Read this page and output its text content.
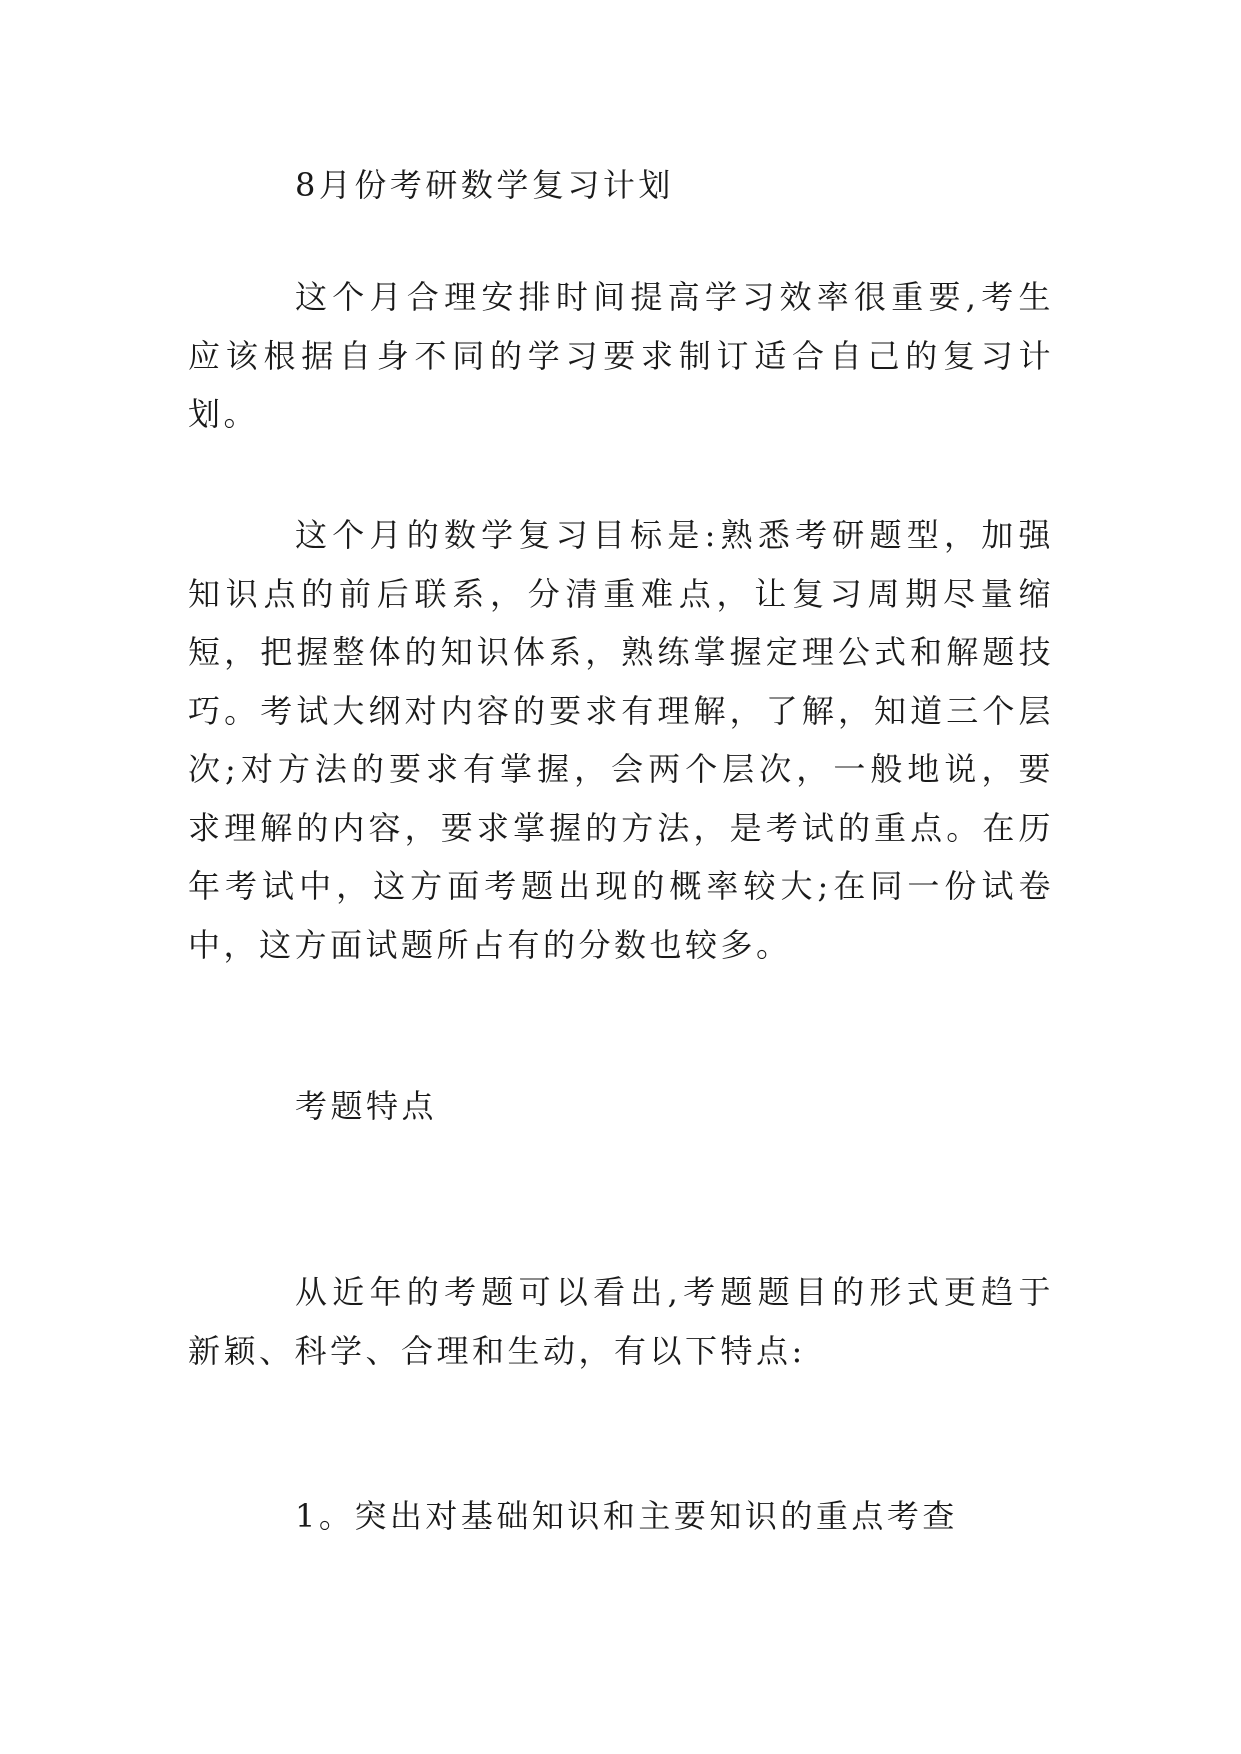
8月份考研数学复习计划

这个月合理安排时间提高学习效率很重要,考生应该根据自身不同的学习要求制订适合自己的复习计划。

这个月的数学复习目标是:熟悉考研题型，加强知识点的前后联系，分清重难点，让复习周期尽量缩短，把握整体的知识体系，熟练掌握定理公式和解题技巧。考试大纲对内容的要求有理解，了解，知道三个层次;对方法的要求有掌握，会两个层次，一般地说，要求理解的内容，要求掌握的方法，是考试的重点。在历年考试中，这方面考题出现的概率较大;在同一份试卷中，这方面试题所占有的分数也较多。

考题特点

从近年的考题可以看出,考题题目的形式更趋于新颖、科学、合理和生动，有以下特点:

1。突出对基础知识和主要知识的重点考查
